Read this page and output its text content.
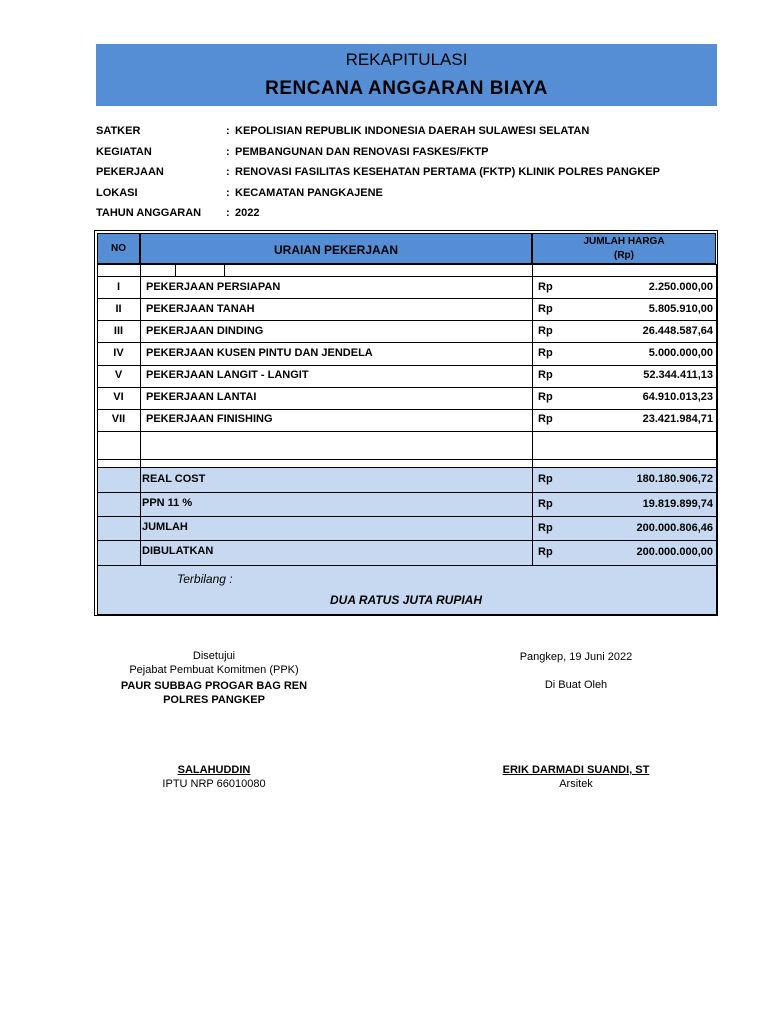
REKAPITULASI
RENCANA ANGGARAN BIAYA
SATKER	: KEPOLISIAN REPUBLIK INDONESIA DAERAH SULAWESI SELATAN
KEGIATAN	: PEMBANGUNAN DAN RENOVASI FASKES/FKTP
PEKERJAAN	: RENOVASI FASILITAS KESEHATAN PERTAMA (FKTP) KLINIK POLRES PANGKEP
LOKASI	: KECAMATAN PANGKAJENE
TAHUN ANGGARAN : 2022
NO	URAIAN PEKERJAAN
JUMLAH HARGA
(Rp)
I	PEKERJAAN PERSIAPAN	Rp	2.250.000,00
II	PEKERJAAN TANAH	Rp	5.805.910,00
III	PEKERJAAN DINDING	Rp	26.448.587,64
IV	PEKERJAAN KUSEN PINTU DAN JENDELA	Rp	5.000.000,00
V	PEKERJAAN LANGIT - LANGIT	Rp	52.344.411,13
VI	PEKERJAAN LANTAI	Rp	64.910.013,23
VII	PEKERJAAN FINISHING	Rp	23.421.984,71
REAL COST	Rp	180.180.906,72
PPN 11 %	Rp	19.819.899,74
JUMLAH	Rp	200.000.806,46
DIBULATKAN	Rp	200.000.000,00
Terbilang :
DUA RATUS JUTA RUPIAH
Disetujui
Pejabat Pembuat Komitmen (PPK)
PAUR SUBBAG PROGAR BAG REN
POLRES PANGKEP
SALAHUDDIN
IPTU NRP 66010080
Pangkep, 19 Juni 2022
Di Buat Oleh
ERIK DARMADI SUANDI, ST
Arsitek
